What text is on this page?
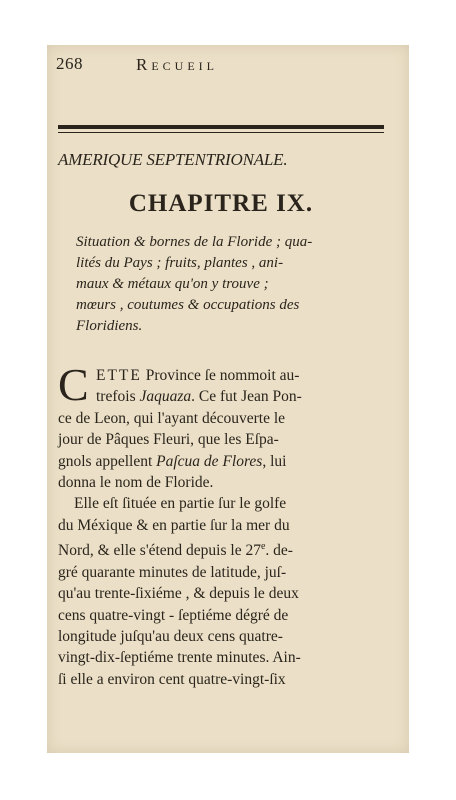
268	Recueil
AMERIQUE SEPTENTRIONALE.
CHAPITRE IX.
Situation & bornes de la Floride ; qua-
lités du Pays ; fruits, plantes , ani-
maux & métaux qu'on y trouve ;
mœurs , coutumes & occupations des
Floridiens.
C ETTE Province ſe nommoit au-
trefois Jaquaza. Ce fut Jean Pon-
ce de Leon, qui l'ayant découverte le
jour de Pâques Fleuri, que les Eſpa-
gnols appellent Paſcua de Flores, lui
donna le nom de Floride.
Elle eſt ſituée en partie ſur le golfe
du Méxique & en partie ſur la mer du
Nord, & elle s'étend depuis le 27e. de-
gré quarante minutes de latitude, juſ-
qu'au trente-ſixiéme , & depuis le deux
cens quatre-vingt - ſeptiéme dégré de
longitude juſqu'au deux cens quatre-
vingt-dix-ſeptiéme trente minutes. Ain-
ſi elle a environ cent quatre-vingt-ſix
